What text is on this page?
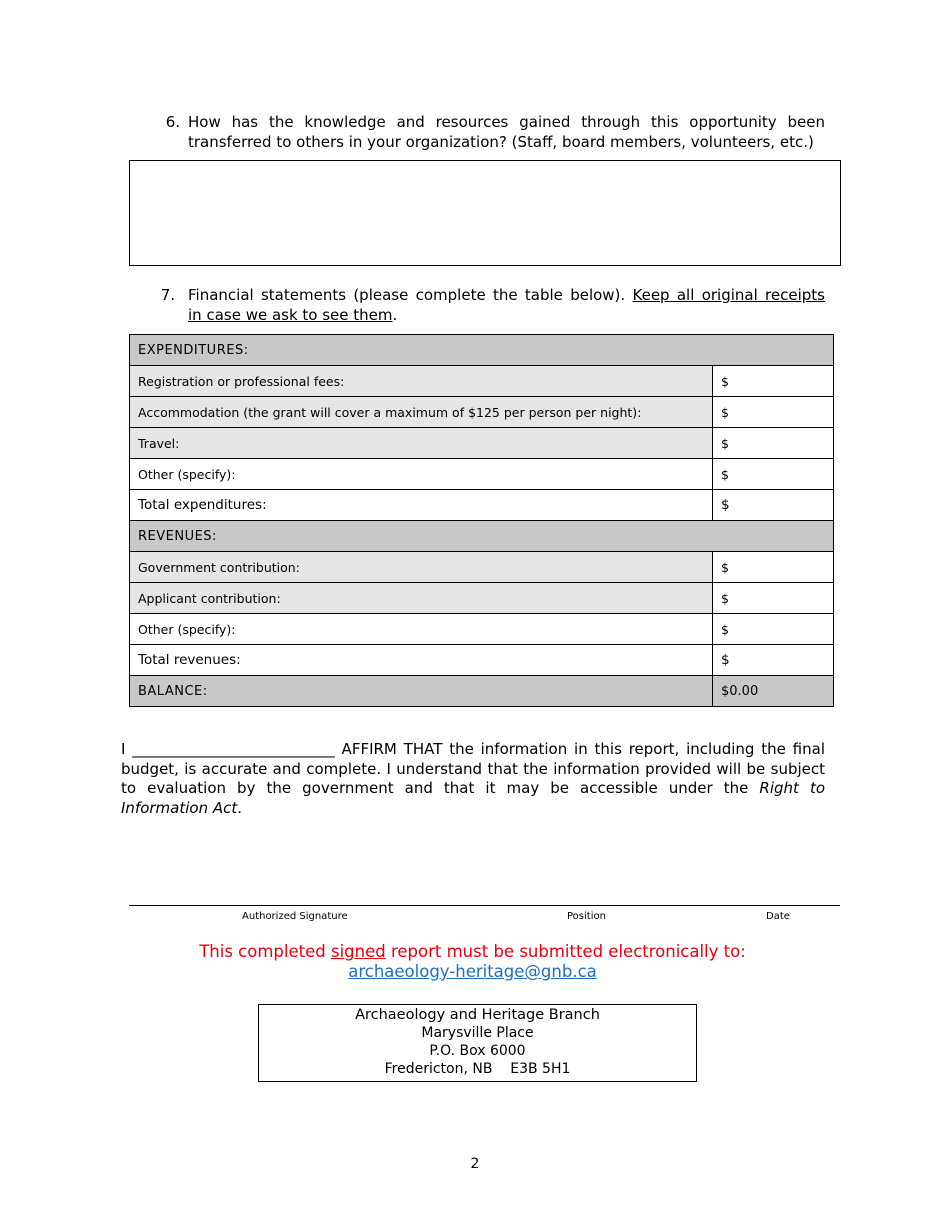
6. How has the knowledge and resources gained through this opportunity been
transferred to others in your organization? (Staff, board members, volunteers, etc.)
7. Financial statements (please complete the table below). Keep all original receipts
in case we ask to see them.
EXPENDITURES:	
Registration or professional fees:	$
Accommodation (the grant will cover a maximum of $125 per person per night):	$
Travel:	$
Other (specify):	$
Total expenditures:	$
REVENUES:	
Government contribution:	$
Applicant contribution:	$
Other (specify):	$
Total revenues:	$
BALANCE:	$0.00
I ___________________________ AFFIRM THAT the information in this report, including the final budget, is accurate and complete. I understand that the information provided will be subject to evaluation by the government and that it may be accessible under the Right to Information Act.
Authorized Signature	Position	Date
This completed signed report must be submitted electronically to:
archaeology-heritage@gnb.ca
Archaeology and Heritage Branch
Marysville Place
P.O. Box 6000
Fredericton, NB    E3B 5H1
2
